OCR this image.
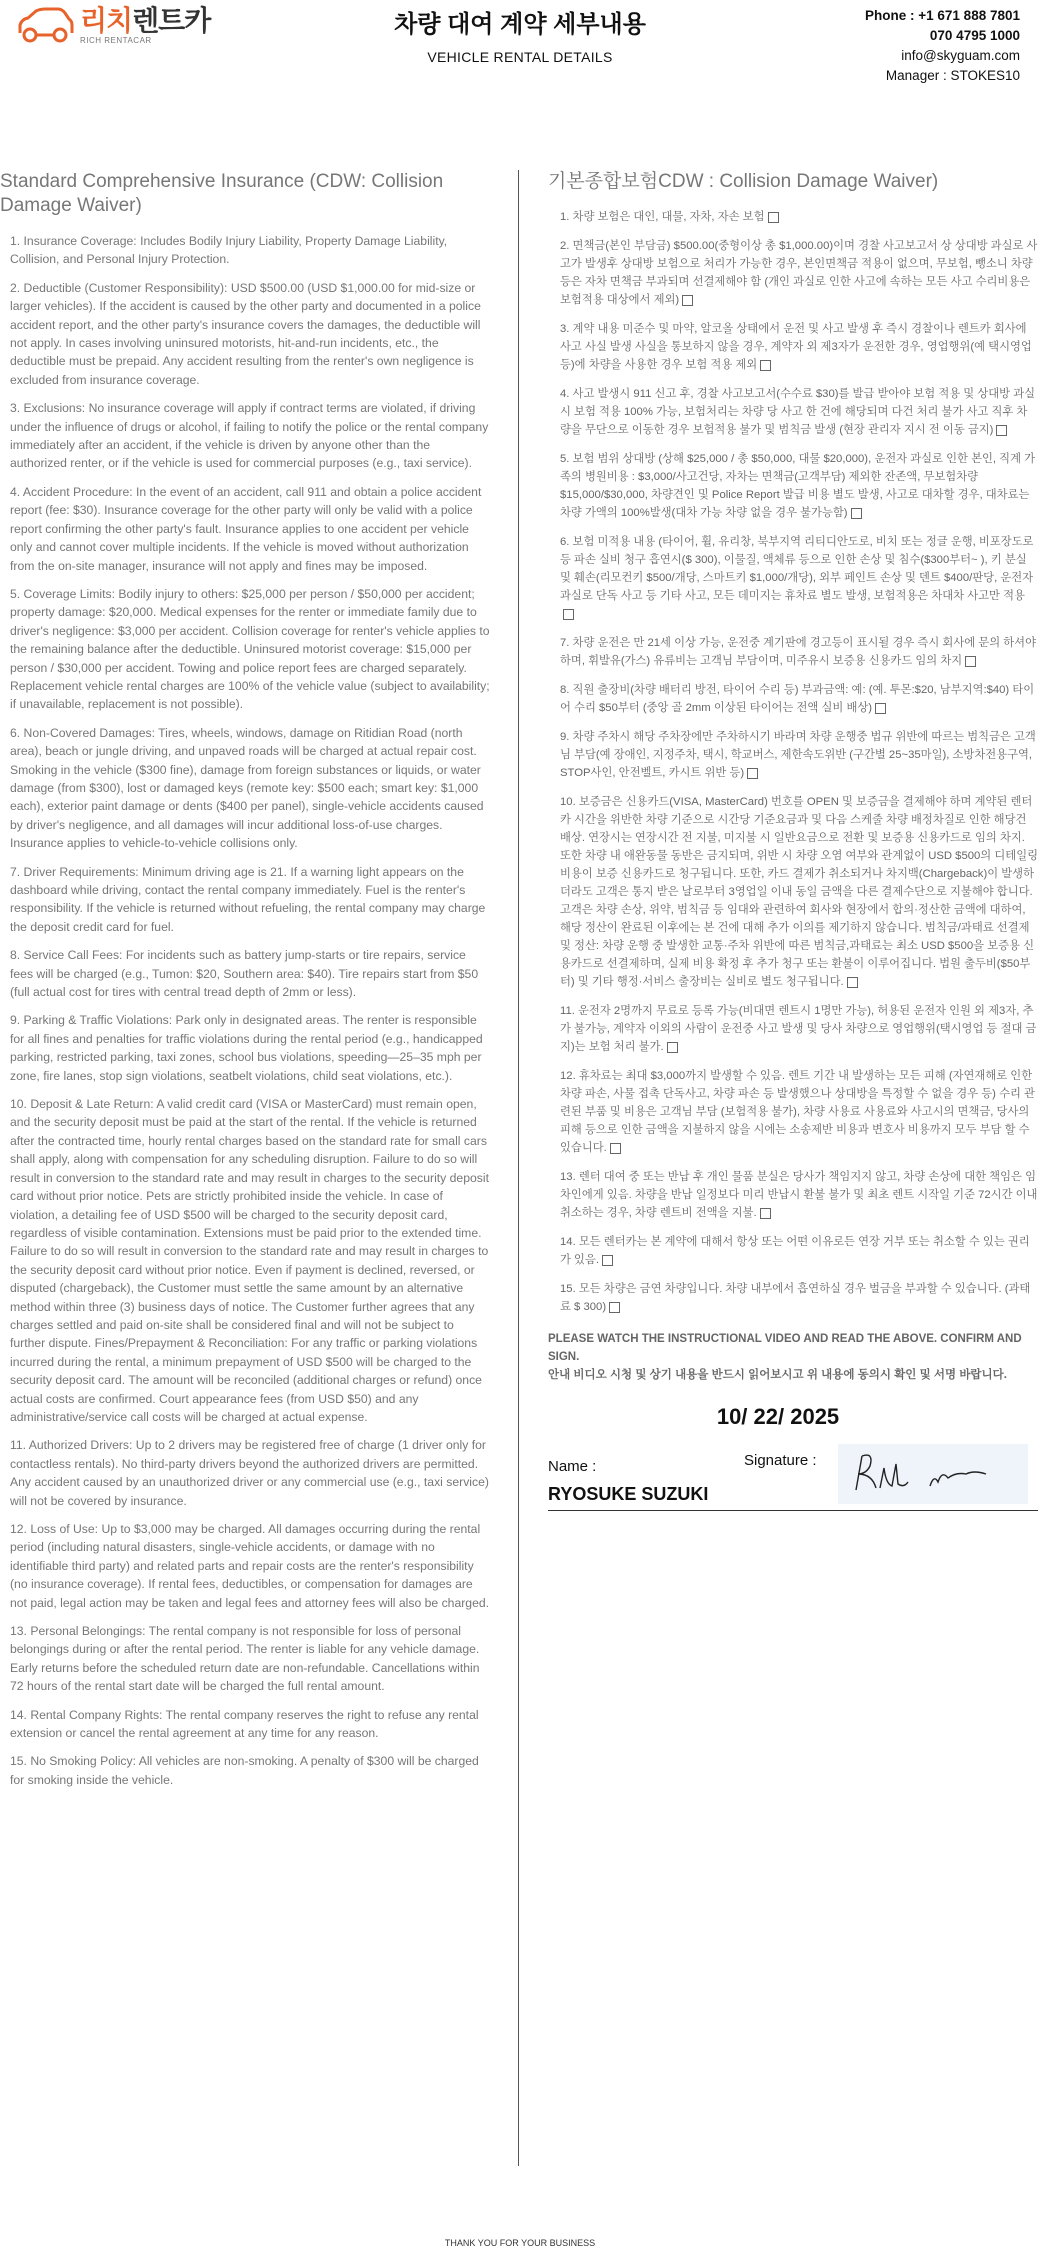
리치렌트카
RICH RENTACAR
차량 대여 계약 세부내용
VEHICLE RENTAL DETAILS
Phone : +1 671 888 7801
070 4795 1000
info@skyguam.com
Manager : STOKES10
Standard Comprehensive Insurance (CDW: Collision Damage Waiver)

1. Insurance Coverage: Includes Bodily Injury Liability, Property Damage Liability, Collision, and Personal Injury Protection.

2. Deductible (Customer Responsibility): USD $500.00 (USD $1,000.00 for mid-size or larger vehicles). If the accident is caused by the other party and documented in a police accident report, and the other party's insurance covers the damages, the deductible will not apply. In cases involving uninsured motorists, hit-and-run incidents, etc., the deductible must be prepaid. Any accident resulting from the renter's own negligence is excluded from insurance coverage.

3. Exclusions: No insurance coverage will apply if contract terms are violated, if driving under the influence of drugs or alcohol, if failing to notify the police or the rental company immediately after an accident, if the vehicle is driven by anyone other than the authorized renter, or if the vehicle is used for commercial purposes (e.g., taxi service).

4. Accident Procedure: In the event of an accident, call 911 and obtain a police accident report (fee: $30). Insurance coverage for the other party will only be valid with a police report confirming the other party's fault. Insurance applies to one accident per vehicle only and cannot cover multiple incidents. If the vehicle is moved without authorization from the on-site manager, insurance will not apply and fines may be imposed.

5. Coverage Limits: Bodily injury to others: $25,000 per person / $50,000 per accident; property damage: $20,000. Medical expenses for the renter or immediate family due to driver's negligence: $3,000 per accident. Collision coverage for renter's vehicle applies to the remaining balance after the deductible. Uninsured motorist coverage: $15,000 per person / $30,000 per accident. Towing and police report fees are charged separately. Replacement vehicle rental charges are 100% of the vehicle value (subject to availability; if unavailable, replacement is not possible).

6. Non-Covered Damages: Tires, wheels, windows, damage on Ritidian Road (north area), beach or jungle driving, and unpaved roads will be charged at actual repair cost. Smoking in the vehicle ($300 fine), damage from foreign substances or liquids, or water damage (from $300), lost or damaged keys (remote key: $500 each; smart key: $1,000 each), exterior paint damage or dents ($400 per panel), single-vehicle accidents caused by driver's negligence, and all damages will incur additional loss-of-use charges. Insurance applies to vehicle-to-vehicle collisions only.

7. Driver Requirements: Minimum driving age is 21. If a warning light appears on the dashboard while driving, contact the rental company immediately. Fuel is the renter's responsibility. If the vehicle is returned without refueling, the rental company may charge the deposit credit card for fuel.

8. Service Call Fees: For incidents such as battery jump-starts or tire repairs, service fees will be charged (e.g., Tumon: $20, Southern area: $40). Tire repairs start from $50 (full actual cost for tires with central tread depth of 2mm or less).

9. Parking & Traffic Violations: Park only in designated areas. The renter is responsible for all fines and penalties for traffic violations during the rental period (e.g., handicapped parking, restricted parking, taxi zones, school bus violations, speeding—25–35 mph per zone, fire lanes, stop sign violations, seatbelt violations, child seat violations, etc.).

10. Deposit & Late Return: A valid credit card (VISA or MasterCard) must remain open, and the security deposit must be paid at the start of the rental. If the vehicle is returned after the contracted time, hourly rental charges based on the standard rate for small cars shall apply, along with compensation for any scheduling disruption. Failure to do so will result in conversion to the standard rate and may result in charges to the security deposit card without prior notice. Pets are strictly prohibited inside the vehicle. In case of violation, a detailing fee of USD $500 will be charged to the security deposit card, regardless of visible contamination. Extensions must be paid prior to the extended time. Failure to do so will result in conversion to the standard rate and may result in charges to the security deposit card without prior notice. Even if payment is declined, reversed, or disputed (chargeback), the Customer must settle the same amount by an alternative method within three (3) business days of notice. The Customer further agrees that any charges settled and paid on-site shall be considered final and will not be subject to further dispute. Fines/Prepayment & Reconciliation: For any traffic or parking violations incurred during the rental, a minimum prepayment of USD $500 will be charged to the security deposit card. The amount will be reconciled (additional charges or refund) once actual costs are confirmed. Court appearance fees (from USD $50) and any administrative/service call costs will be charged at actual expense.

11. Authorized Drivers: Up to 2 drivers may be registered free of charge (1 driver only for contactless rentals). No third-party drivers beyond the authorized drivers are permitted. Any accident caused by an unauthorized driver or any commercial use (e.g., taxi service) will not be covered by insurance.

12. Loss of Use: Up to $3,000 may be charged. All damages occurring during the rental period (including natural disasters, single-vehicle accidents, or damage with no identifiable third party) and related parts and repair costs are the renter's responsibility (no insurance coverage). If rental fees, deductibles, or compensation for damages are not paid, legal action may be taken and legal fees and attorney fees will also be charged.

13. Personal Belongings: The rental company is not responsible for loss of personal belongings during or after the rental period. The renter is liable for any vehicle damage. Early returns before the scheduled return date are non-refundable. Cancellations within 72 hours of the rental start date will be charged the full rental amount.

14. Rental Company Rights: The rental company reserves the right to refuse any rental extension or cancel the rental agreement at any time for any reason.

15. No Smoking Policy: All vehicles are non-smoking. A penalty of $300 will be charged for smoking inside the vehicle.

기본종합보험CDW : Collision Damage Waiver)

1. 차량 보험은 대인, 대물, 자차, 자손 보험

2. 면책금(본인 부담금) $500.00(중형이상 총 $1,000.00)이며 경찰 사고보고서 상 상대방 과실로 사고가 발생후 상대방 보험으로 처리가 가능한 경우, 본인면책금 적용이 없으며, 무보험, 뺑소니 차량 등은 자차 면책금 부과되며 선결제해야 함 (개인 과실로 인한 사고에 속하는 모든 사고 수리비용은 보험적용 대상에서 제외)

3. 계약 내용 미준수 및 마약, 알코올 상태에서 운전 및 사고 발생 후 즉시 경찰이나 렌트카 회사에 사고 사실 발생 사실을 통보하지 않을 경우, 계약자 외 제3자가 운전한 경우, 영업행위(예 택시영업 등)에 차량을 사용한 경우 보험 적용 제외

4. 사고 발생시 911 신고 후, 경찰 사고보고서(수수료 $30)를 발급 받아야 보험 적용 및 상대방 과실 시 보험 적용 100% 가능, 보험처리는 차량 당 사고 한 건에 해당되며 다건 처리 불가 사고 직후 차량을 무단으로 이동한 경우 보험적용 불가 및 범칙금 발생 (현장 관리자 지시 전 이동 금지)

5. 보험 범위 상대방 (상해 $25,000 / 총 $50,000, 대물 $20,000), 운전자 과실로 인한 본인, 직계 가족의 병원비용 : $3,000/사고건당, 자차는 면책금(고객부담) 제외한 잔존액, 무보험차량 $15,000/$30,000, 차량견인 및 Police Report 발급 비용 별도 발생, 사고로 대차할 경우, 대차료는 차량 가액의 100%발생(대차 가능 차량 없을 경우 불가능함)

6. 보험 미적용 내용 (타이어, 휠, 유리창, 북부지역 리티디안도로, 비치 또는 정글 운행, 비포장도로 등 파손 실비 청구 흡연시($ 300), 이물질, 액체류 등으로 인한 손상 및 침수($300부터~ ), 키 분실 및 훼손(리모컨키 $500/개당, 스마트키 $1,000/개당), 외부 페인트 손상 및 덴트 $400/판당, 운전자 과실로 단독 사고 등 기타 사고, 모든 데미지는 휴차료 별도 발생, 보험적용은 차대차 사고만 적용

7. 차량 운전은 만 21세 이상 가능, 운전중 계기판에 경고등이 표시될 경우 즉시 회사에 문의 하셔야 하며, 휘발유(가스) 유류비는 고객님 부담이며, 미주유시 보증용 신용카드 임의 차지

8. 직원 출장비(차량 배터리 방전, 타이어 수리 등) 부과금액: 예: (예. 투몬:$20, 남부지역:$40) 타이어 수리 $50부터 (중앙 골 2mm 이상된 타이어는 전액 실비 배상)

9. 차량 주차시 해당 주차장에만 주차하시기 바라며 차량 운행중 법규 위반에 따르는 범칙금은 고객님 부담(예 장애인, 지정주차, 택시, 학교버스, 제한속도위반 (구간별 25~35마일), 소방차전용구역, STOP사인, 안전벨트, 카시트 위반 등)

10. 보증금은 신용카드(VISA, MasterCard) 번호를 OPEN 및 보증금을 결제해야 하며 계약된 렌터카 시간을 위반한 차량 기준으로 시간당 기준요금과 및 다음 스케줄 차량 배정차질로 인한 해당건 배상. 연장시는 연장시간 전 지불, 미지불 시 일반요금으로 전환 및 보증용 신용카드로 임의 차지. 또한 차량 내 애완동물 동반은 금지되며, 위반 시 차량 오염 여부와 관계없이 USD $500의 디테일링 비용이 보증 신용카드로 청구됩니다. 또한, 카드 결제가 취소되거나 차지백(Chargeback)이 발생하더라도 고객은 통지 받은 날로부터 3영업일 이내 동일 금액을 다른 결제수단으로 지불해야 합니다. 고객은 차량 손상, 위약, 범칙금 등 임대와 관련하여 회사와 현장에서 합의·정산한 금액에 대하여, 해당 정산이 완료된 이후에는 본 건에 대해 추가 이의를 제기하지 않습니다. 범칙금/과태료 선결제 및 정산: 차량 운행 중 발생한 교통·주차 위반에 따른 범칙금,과태료는 최소 USD $500을 보증용 신용카드로 선결제하며, 실제 비용 확정 후 추가 청구 또는 환불이 이루어집니다. 법원 출두비($50부터) 및 기타 행정·서비스 출장비는 실비로 별도 청구됩니다.

11. 운전자 2명까지 무료로 등록 가능(비대면 렌트시 1명만 가능), 허용된 운전자 인원 외 제3자, 추가 불가능, 계약자 이외의 사람이 운전중 사고 발생 및 당사 차량으로 영업행위(택시영업 등 절대 금지)는 보험 처리 불가.

12. 휴차료는 최대 $3,000까지 발생할 수 있음. 렌트 기간 내 발생하는 모든 피해 (자연재해로 인한 차량 파손, 사물 접촉 단독사고, 차량 파손 등 발생했으나 상대방을 특정할 수 없을 경우 등) 수리 관련된 부품 및 비용은 고객님 부담 (보험적용 불가), 차량 사용료 사용료와 사고시의 면책금, 당사의 피해 등으로 인한 금액을 지불하지 않을 시에는 소송제반 비용과 변호사 비용까지 모두 부담 할 수 있습니다.

13. 렌터 대여 중 또는 반납 후 개인 물품 분실은 당사가 책임지지 않고, 차량 손상에 대한 책임은 임차인에게 있음. 차량을 반납 일정보다 미리 반납시 환불 불가 및 최초 렌트 시작일 기준 72시간 이내 취소하는 경우, 차량 렌트비 전액을 지불.

14. 모든 렌터카는 본 계약에 대해서 항상 또는 어떤 이유로든 연장 거부 또는 취소할 수 있는 권리가 있음.

15. 모든 차량은 금연 차량입니다. 차량 내부에서 흡연하실 경우 벌금을 부과할 수 있습니다. (과태료 $ 300)

PLEASE WATCH THE INSTRUCTIONAL VIDEO AND READ THE ABOVE. CONFIRM AND SIGN.
안내 비디오 시청 및 상기 내용을 반드시 읽어보시고 위 내용에 동의시 확인 및 서명 바랍니다.
10/ 22/ 2025
Name :
RYOSUKE SUZUKI
Signature :
THANK YOU FOR YOUR BUSINESS
